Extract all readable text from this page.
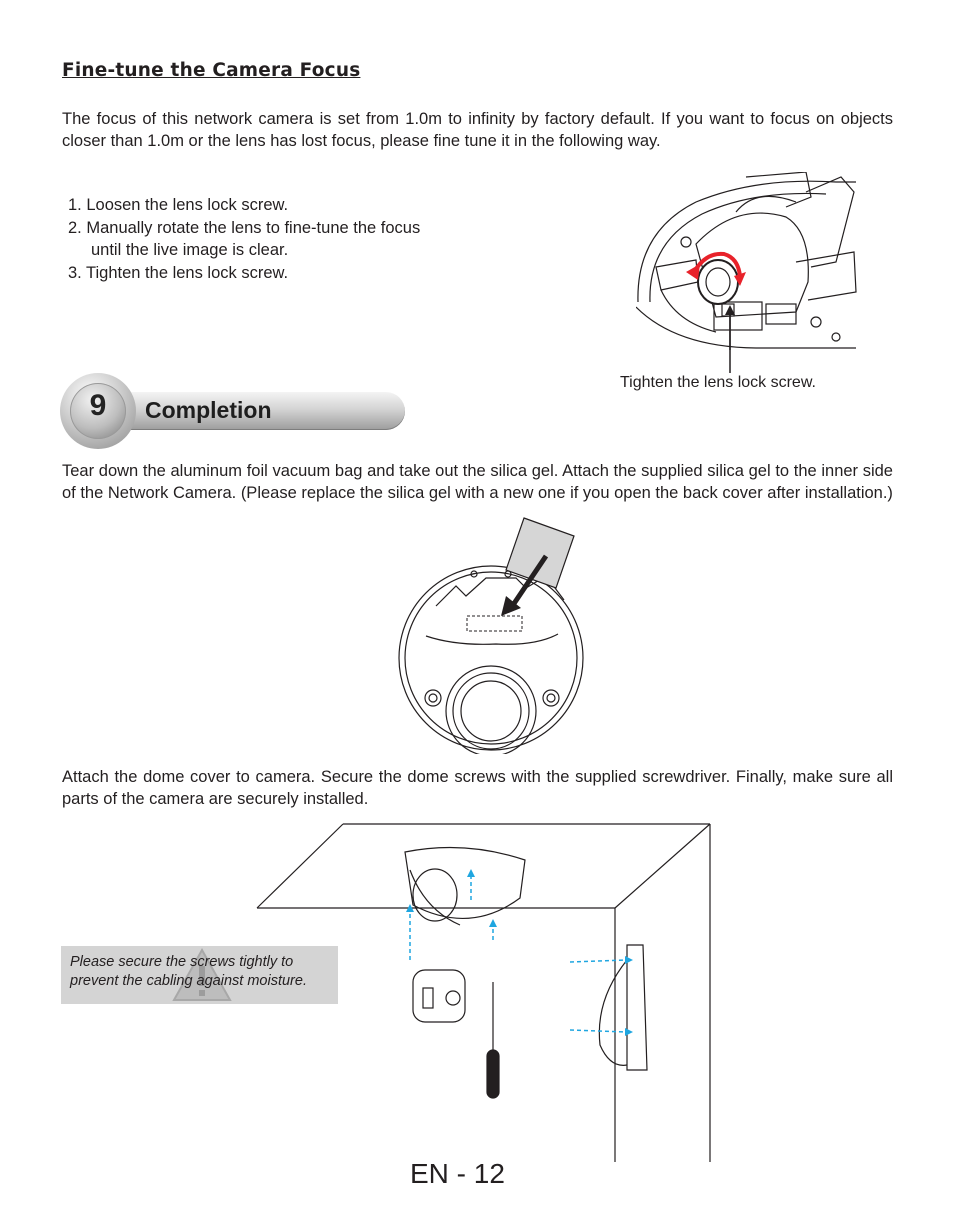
Fine-tune the Camera Focus
The focus of this network camera is set from 1.0m to infinity by factory default. If you want to focus on objects closer than 1.0m or the lens has lost focus, please fine tune it in the following way.
1. Loosen the lens lock screw.
2. Manually rotate the lens to fine-tune the focus
until the live image is clear.
3. Tighten the lens lock screw.
Tighten the lens lock screw.
9	Completion
Tear down the aluminum foil vacuum bag and take out the silica gel. Attach the supplied silica gel to the inner side of the Network Camera. (Please replace the silica gel with a new one if you open the back cover after installation.)
Attach the dome cover to camera. Secure the dome screws with the supplied screwdriver. Finally, make sure all parts of the camera are securely installed.
Please secure the screws tightly to
prevent the cabling against moisture.
EN - 12
